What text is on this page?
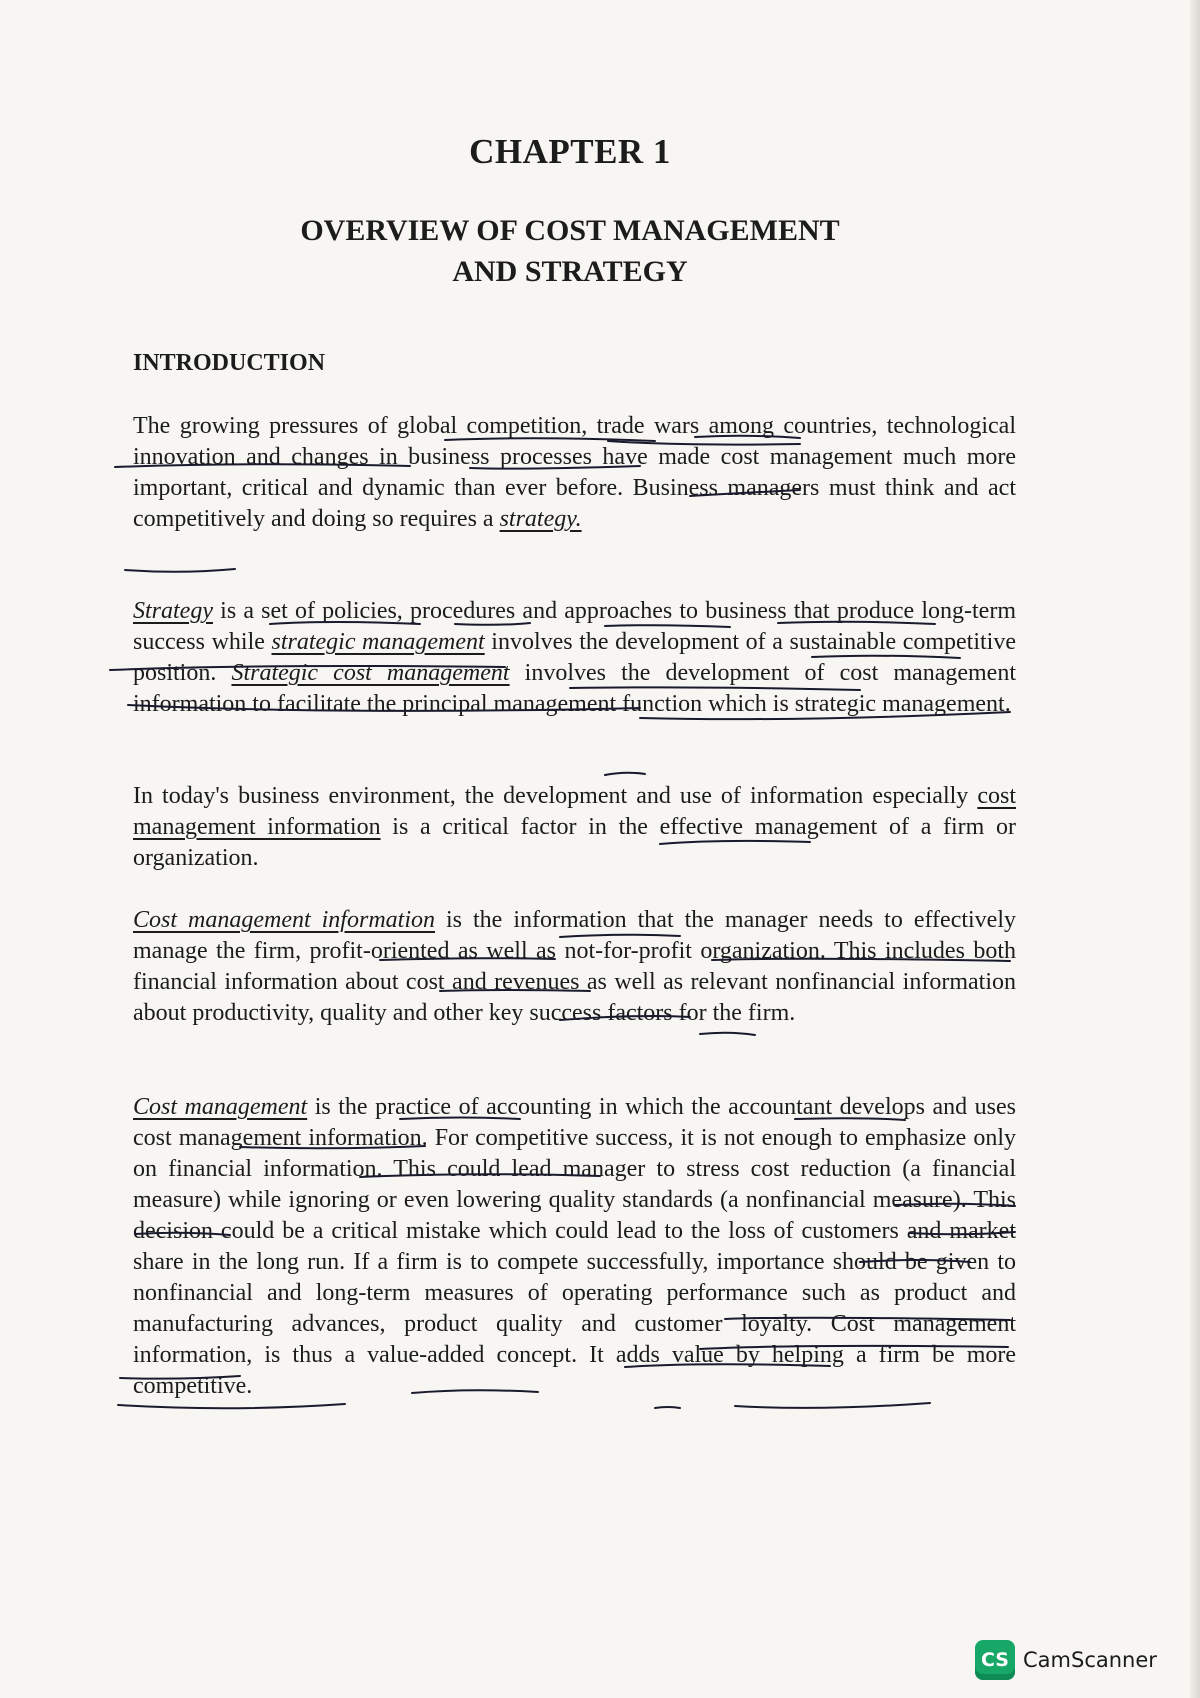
CHAPTER 1
OVERVIEW OF COST MANAGEMENT
AND STRATEGY
INTRODUCTION

The growing pressures of global competition, trade wars among countries, technological innovation and changes in business processes have made cost management much more important, critical and dynamic than ever before. Business managers must think and act competitively and doing so requires a strategy.

Strategy is a set of policies, procedures and approaches to business that produce long-term success while strategic management involves the development of a sustainable competitive position. Strategic cost management involves the development of cost management information to facilitate the principal management function which is strategic management.

In today's business environment, the development and use of information especially cost management information is a critical factor in the effective management of a firm or organization.

Cost management information is the information that the manager needs to effectively manage the firm, profit-oriented as well as not-for-profit organization. This includes both financial information about cost and revenues as well as relevant nonfinancial information about productivity, quality and other key success factors for the firm.

Cost management is the practice of accounting in which the accountant develops and uses cost management information. For competitive success, it is not enough to emphasize only on financial information. This could lead manager to stress cost reduction (a financial measure) while ignoring or even lowering quality standards (a nonfinancial measure). This decision could be a critical mistake which could lead to the loss of customers and market share in the long run. If a firm is to compete successfully, importance should be given to nonfinancial and long-term measures of operating performance such as product and manufacturing advances, product quality and customer loyalty. Cost management information, is thus a value-added concept. It adds value by helping a firm be more competitive.

CS CamScanner
